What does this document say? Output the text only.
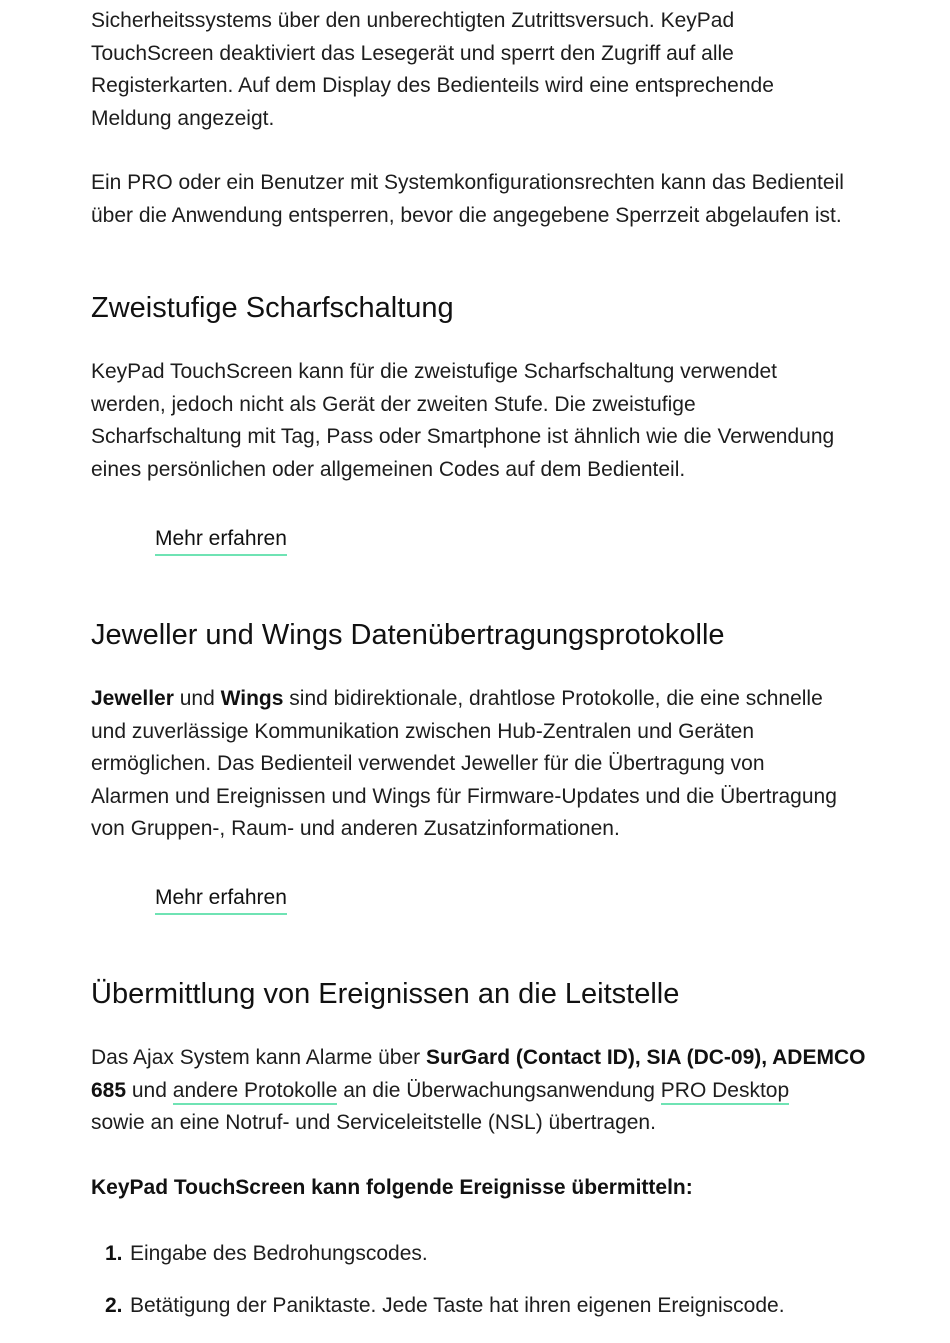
Sicherheitssystems über den unberechtigten Zutrittsversuch. KeyPad
TouchScreen deaktiviert das Lesegerät und sperrt den Zugriff auf alle
Registerkarten. Auf dem Display des Bedienteils wird eine entsprechende
Meldung angezeigt.

Ein PRO oder ein Benutzer mit Systemkonfigurationsrechten kann das Bedienteil
über die Anwendung entsperren, bevor die angegebene Sperrzeit abgelaufen ist.

Zweistufige Scharfschaltung

KeyPad TouchScreen kann für die zweistufige Scharfschaltung verwendet
werden, jedoch nicht als Gerät der zweiten Stufe. Die zweistufige
Scharfschaltung mit Tag, Pass oder Smartphone ist ähnlich wie die Verwendung
eines persönlichen oder allgemeinen Codes auf dem Bedienteil.

Mehr erfahren
Jeweller und Wings Datenübertragungsprotokolle

Jeweller und Wings sind bidirektionale, drahtlose Protokolle, die eine schnelle
und zuverlässige Kommunikation zwischen Hub-Zentralen und Geräten
ermöglichen. Das Bedienteil verwendet Jeweller für die Übertragung von
Alarmen und Ereignissen und Wings für Firmware-Updates und die Übertragung
von Gruppen-, Raum- und anderen Zusatzinformationen.

Mehr erfahren
Übermittlung von Ereignissen an die Leitstelle

Das Ajax System kann Alarme über SurGard (Contact ID), SIA (DC-09), ADEMCO
685 und andere Protokolle an die Überwachungsanwendung PRO Desktop
sowie an eine Notruf- und Serviceleitstelle (NSL) übertragen.

KeyPad TouchScreen kann folgende Ereignisse übermitteln:

1. Eingabe des Bedrohungscodes.
2. Betätigung der Paniktaste. Jede Taste hat ihren eigenen Ereigniscode.
